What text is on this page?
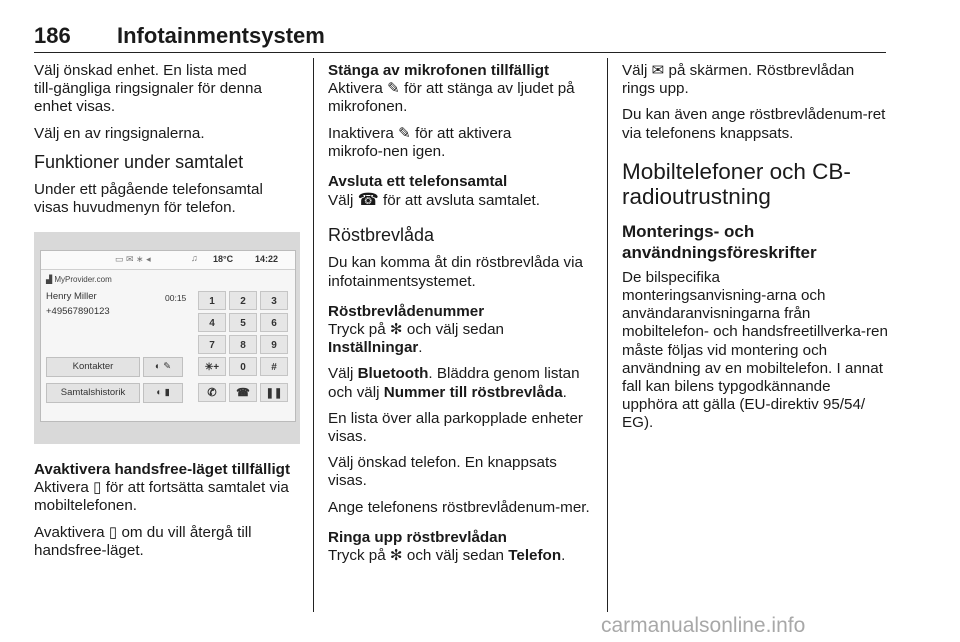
186 Infotainmentsystem

Välj önskad enhet. En lista med till‑gängliga ringsignaler för denna enhet visas.

Välj en av ringsignalerna.

Funktioner under samtalet

Under ett pågående telefonsamtal visas huvudmenyn för telefon.

▭ ✉ ∗ ◂	♫ 18°C 14:22
▟ MyProvider.com
Henry Miller
+49567890123
00:15
Kontakter
Samtalshistorik
◐ ✎
◐ ▮
1	2	3
4	5	6
7	8	9
✳+	0	#
✆	☎	❚❚
Avaktivera handsfree-läget tillfälligt

Aktivera ▯ för att fortsätta samtalet via mobiltelefonen.

Avaktivera ▯ om du vill återgå till handsfree-läget.

Stänga av mikrofonen tillfälligt

Aktivera ✎ för att stänga av ljudet på mikrofonen.

Inaktivera ✎ för att aktivera mikrofo‑nen igen.

Avsluta ett telefonsamtal

Välj ☎ för att avsluta samtalet.

Röstbrevlåda

Du kan komma åt din röstbrevlåda via infotainmentsystemet.

Röstbrevlådenummer

Tryck på ✻ och välj sedan Inställningar.

Välj Bluetooth. Bläddra genom listan och välj Nummer till röstbrevlåda.

En lista över alla parkopplade enheter visas.

Välj önskad telefon. En knappsats visas.

Ange telefonens röstbrevlådenum‑mer.

Ringa upp röstbrevlådan

Tryck på ✻ och välj sedan Telefon.

Välj ✉ på skärmen. Röstbrevlådan rings upp.

Du kan även ange röstbrevlådenum‑ret via telefonens knappsats.

Mobiltelefoner och CB-radioutrustning
Monterings- och användningsföreskrifter

De bilspecifika monteringsanvisning‑arna och användaranvisningarna från mobiltelefon- och handsfreetillverka‑ren måste följas vid montering och användning av en mobiltelefon. I annat fall kan bilens typgodkännande upphöra att gälla (EU-direktiv 95/54/ EG).

carmanualsonline.info
